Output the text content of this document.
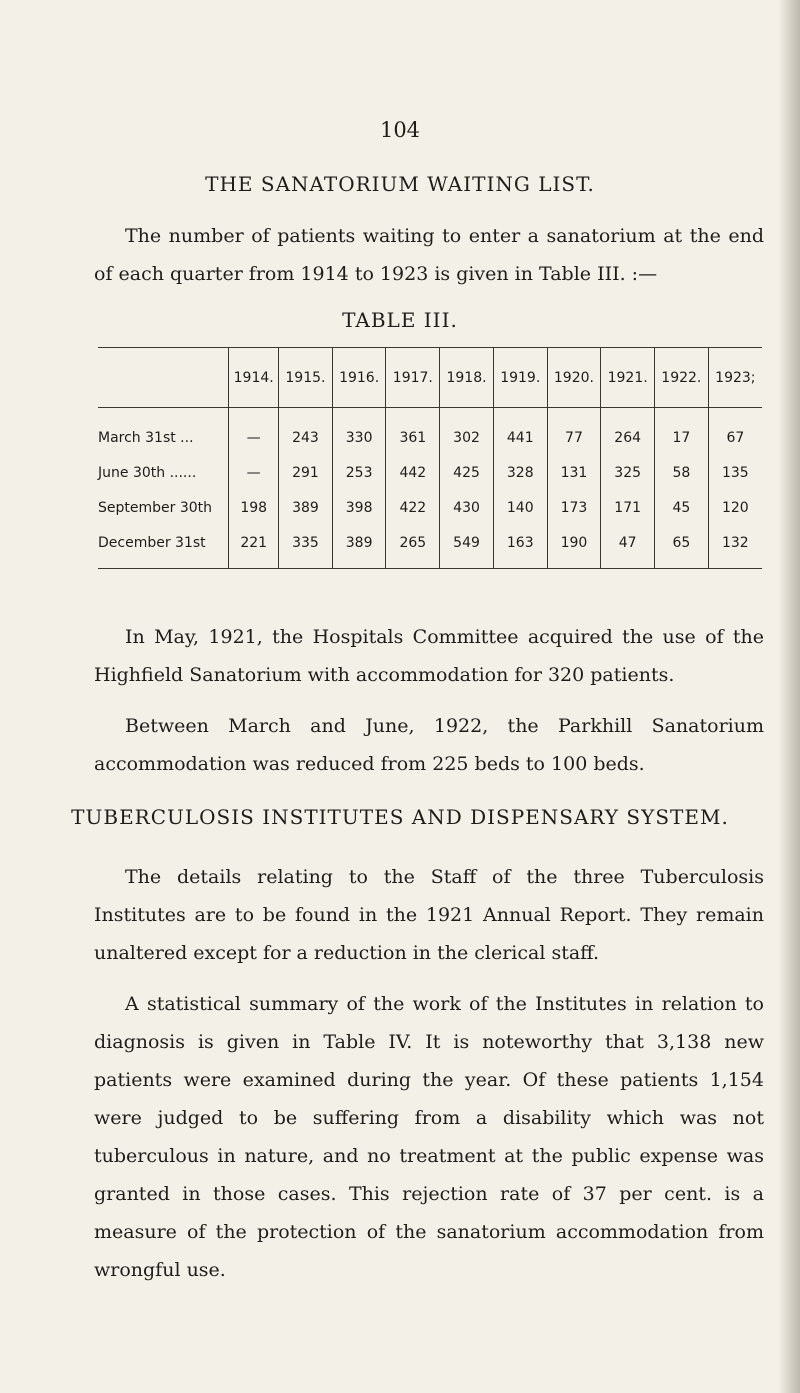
104
THE SANATORIUM WAITING LIST.

The number of patients waiting to enter a sanatorium at the end of each quarter from 1914 to 1923 is given in Table III. :—

TABLE III.
	1914.	1915.	1916.	1917.	1918.	1919.	1920.	1921.	1922.	1923;
March 31st ...	—	243	330	361	302	441	77	264	17	67
June 30th ......	—	291	253	442	425	328	131	325	58	135
September 30th	198	389	398	422	430	140	173	171	45	120
December 31st	221	335	389	265	549	163	190	47	65	132

In May, 1921, the Hospitals Committee acquired the use of the Highfield Sanatorium with accommodation for 320 patients.

Between March and June, 1922, the Parkhill Sanatorium accommodation was reduced from 225 beds to 100 beds.

TUBERCULOSIS INSTITUTES AND DISPENSARY SYSTEM.

The details relating to the Staff of the three Tuberculosis Institutes are to be found in the 1921 Annual Report. They remain unaltered except for a reduction in the clerical staff.

A statistical summary of the work of the Institutes in relation to diagnosis is given in Table IV. It is noteworthy that 3,138 new patients were examined during the year. Of these patients 1,154 were judged to be suffering from a disability which was not tuberculous in nature, and no treatment at the public expense was granted in those cases. This rejection rate of 37 per cent. is a measure of the protection of the sanatorium accommodation from wrongful use.
